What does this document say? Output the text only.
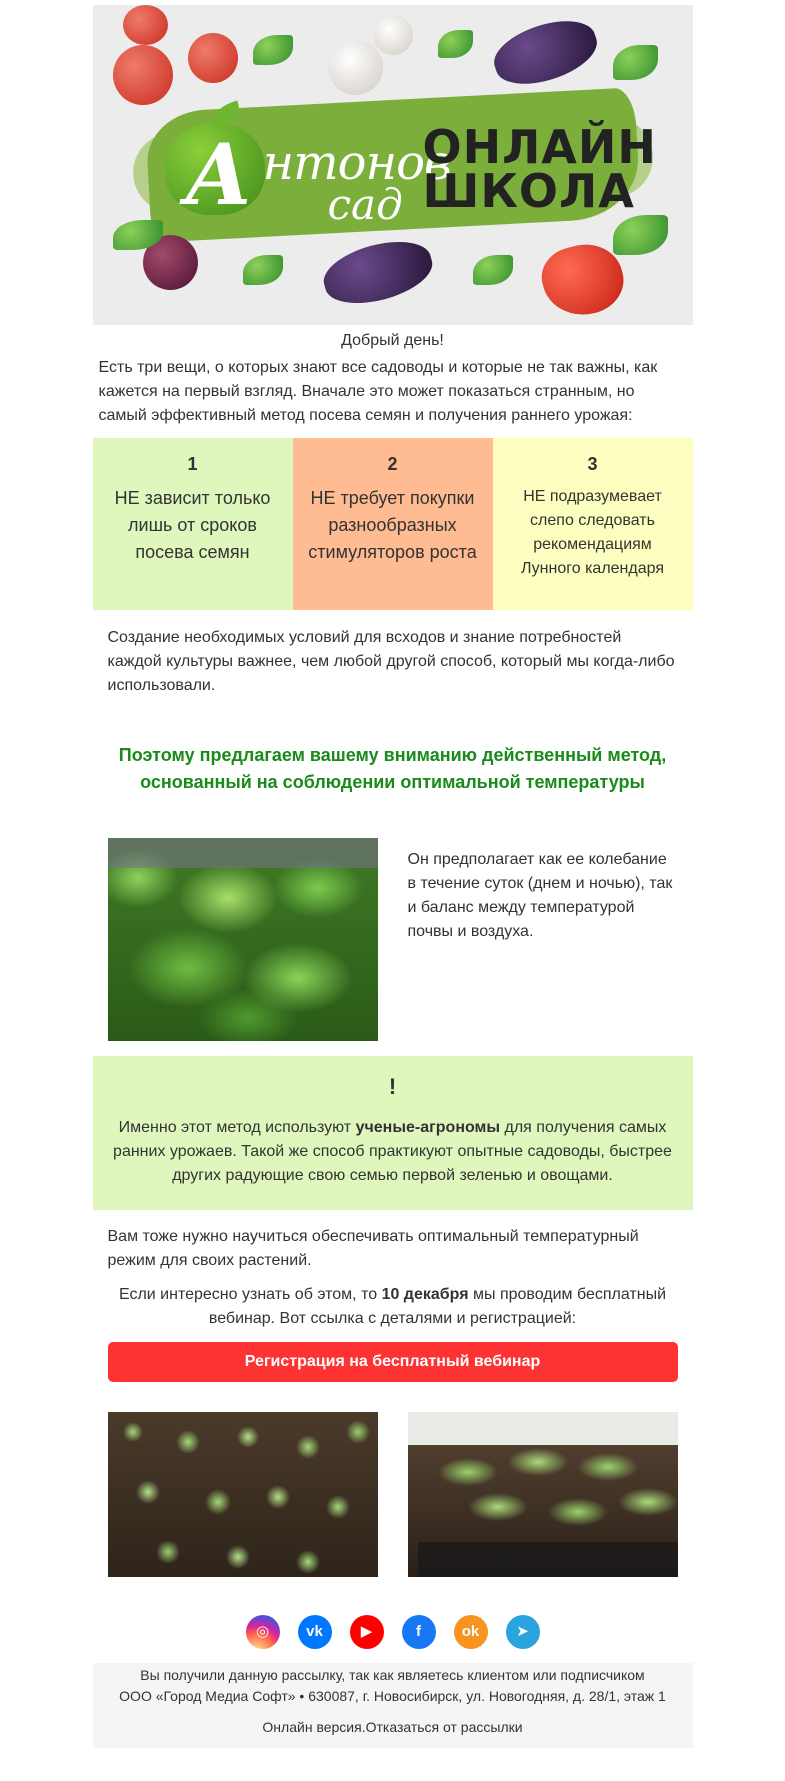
А нтонов
сад
ОНЛАЙН
ШКОЛА
Добрый день!

Есть три вещи, о которых знают все садоводы и которые не так важны, как кажется на первый взгляд. Вначале это может показаться странным, но самый эффективный метод посева семян и получения раннего урожая:

1
НЕ зависит только лишь от сроков посева семян
2
НЕ требует покупки разнообразных стимуляторов роста
3
НЕ подразумевает слепо следовать рекомендациям Лунного календаря

Создание необходимых условий для всходов и знание потребностей каждой культуры важнее, чем любой другой способ, который мы когда-либо использовали.

Поэтому предлагаем вашему вниманию действенный метод, основанный на соблюдении оптимальной температуры
Он предполагает как ее колебание в течение суток (днем и ночью), так и баланс между температурой почвы и воздуха.
!
Именно этот метод используют ученые-агрономы для получения самых ранних урожаев. Такой же способ практикуют опытные садоводы, быстрее других радующие свою семью первой зеленью и овощами.

Вам тоже нужно научиться обеспечивать оптимальный температурный режим для своих растений.

Если интересно узнать об этом, то 10 декабря мы проводим бесплатный вебинар. Вот ссылка с деталями и регистрацией:

Регистрация на бесплатный вебинар
◎	vk	▶	f	ok	➤
Вы получили данную рассылку, так как являетесь клиентом или подписчиком
ООО «Город Медиа Софт» • 630087, г. Новосибирск, ул. Новогодняя, д. 28/1, этаж 1
Онлайн версия.Отказаться от рассылки
